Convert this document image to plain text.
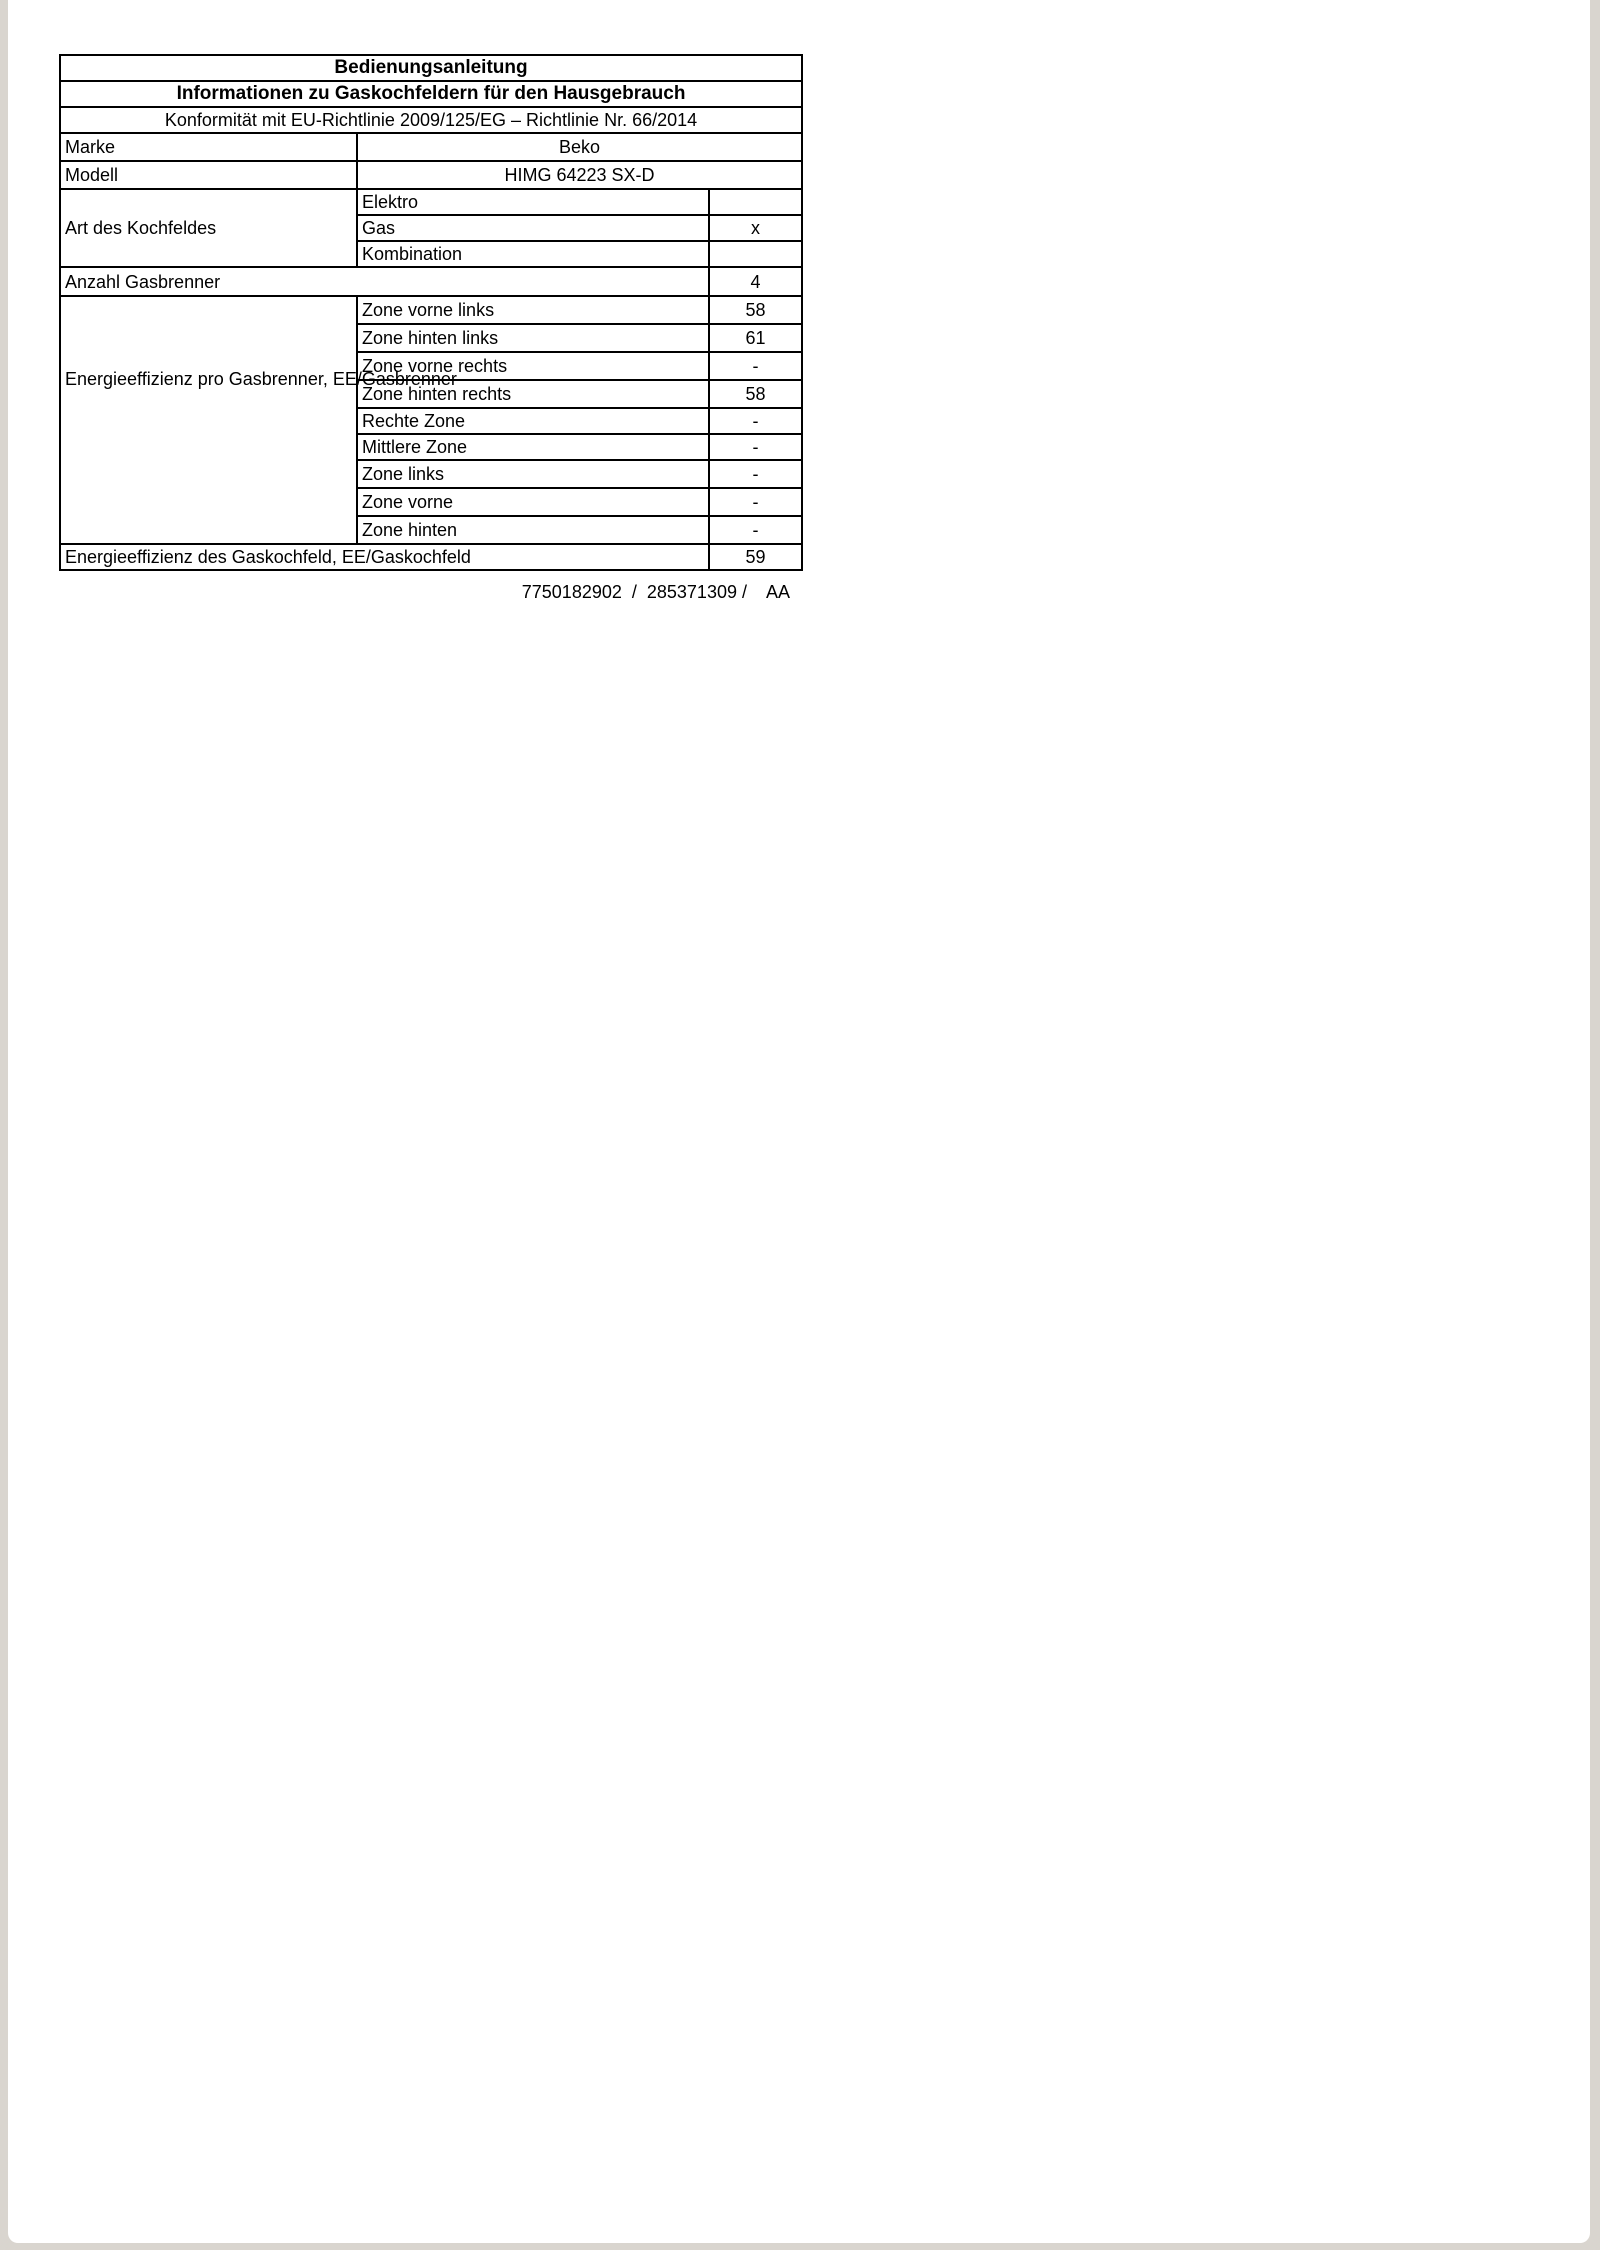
Bedienungsanleitung		
Informationen zu Gaskochfeldern für den Hausgebrauch		
Konformität mit EU-Richtlinie 2009/125/EG – Richtlinie Nr. 66/2014		
Marke	Beko	
Modell	HIMG 64223 SX-D	
Art des Kochfeldes	Elektro	
	Gas	x
	Kombination	
Anzahl Gasbrenner		4

Energieeffizienz pro Gasbrenner, EE/Gasbrenner	Zone vorne links	58
	Zone hinten links	61
	Zone vorne rechts	-
	Zone hinten rechts	58
	Rechte Zone	-
	Mittlere Zone	-
	Zone links	-
	Zone vorne	-
	Zone hinten	-
Energieeffizienz des Gaskochfeld, EE/Gaskochfeld		59
7750182902  /  285371309 /    AA
